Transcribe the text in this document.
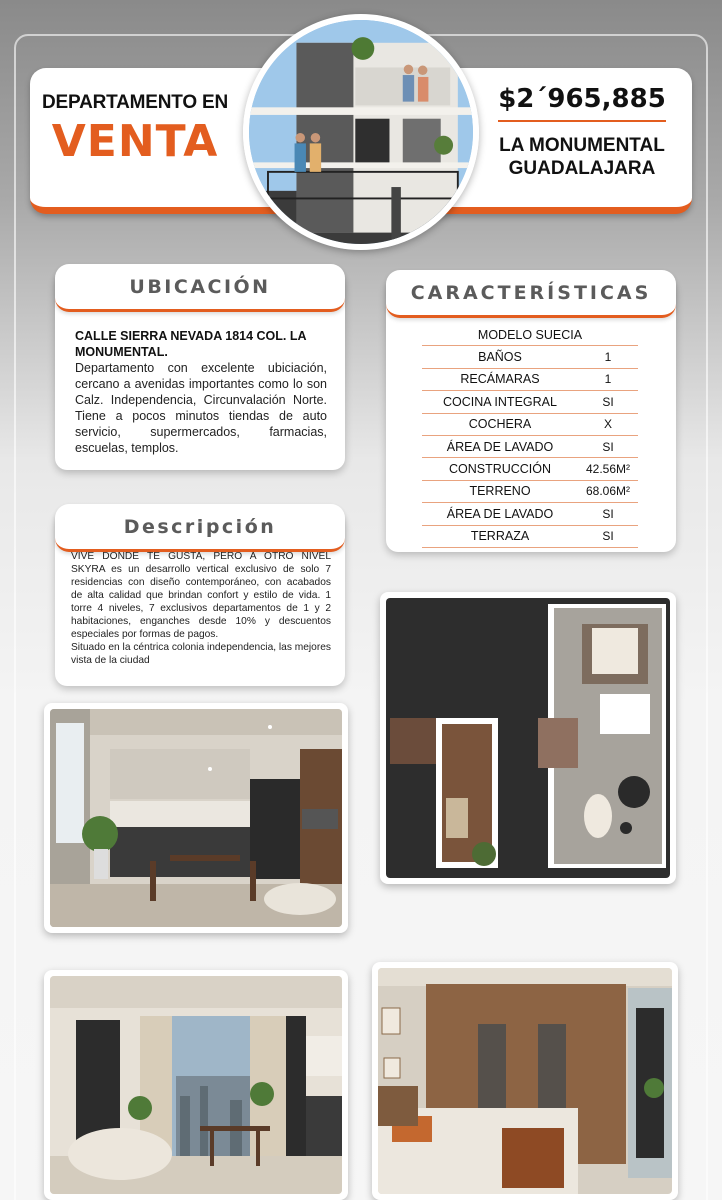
DEPARTAMENTO EN
VENTA
$2´965,885
LA MONUMENTAL
GUADALAJARA
UBICACIÓN
CALLE SIERRA NEVADA 1814 COL. LA MONUMENTAL.
Departamento con excelente ubiciación, cercano a avenidas importantes como lo son Calz. Independencia, Circunvalación Norte. Tiene a pocos minutos tiendas de auto servicio, supermercados, farmacias, escuelas, templos.
CARACTERÍSTICAS
MODELO SUECIA
BAÑOS	1
RECÁMARAS	1
COCINA INTEGRAL	SI
COCHERA	X
ÁREA DE LAVADO	SI
CONSTRUCCIÓN	42.56M²
TERRENO	68.06M²
ÁREA DE LAVADO	SI
TERRAZA	SI
Descripción
VIVE DONDE TE GUSTA, PERO A OTRO NIVEL SKYRA es un desarrollo vertical exclusivo de solo 7 residencias con diseño contemporáneo, con acabados de alta calidad que brindan confort y estilo de vida. 1 torre 4 niveles, 7 exclusivos departamentos de 1 y 2 habitaciones, enganches desde 10% y descuentos especiales por formas de pagos.
Situado en la céntrica colonia independencia, las mejores vista de la ciudad
